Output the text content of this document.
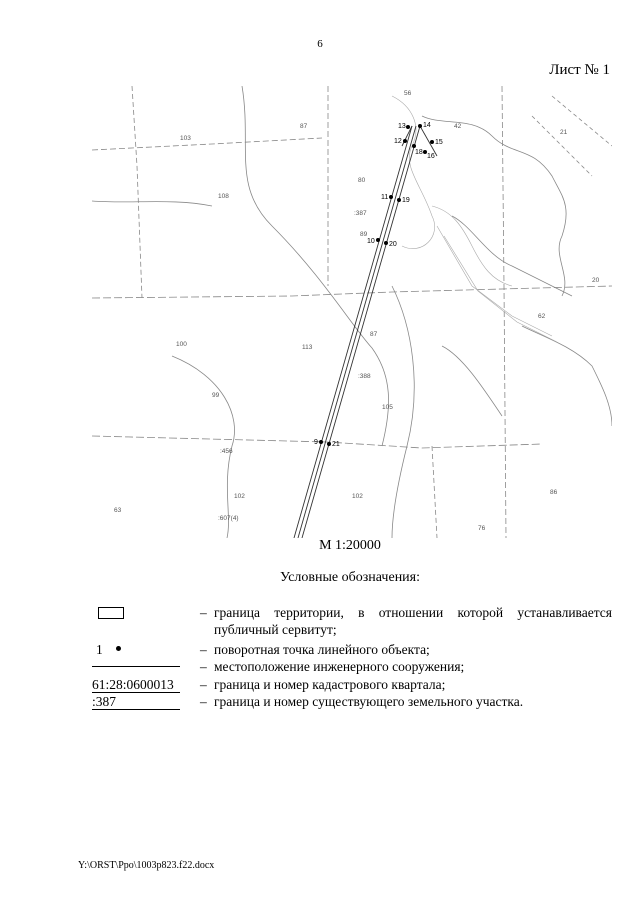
6
Лист № 1
13 14
12	15
18
16
11 19
10 20
9 21
103
87
56
42
21
108
80
:387
89
20
62
100
87
113
:388
105
99
:456
102	102
63
86
:607(4)
76
М 1:20000
Условные обозначения:
– граница территории, в отношении которой устанавливается публичный сервитут;
1	– поворотная точка линейного объекта;
– местоположение инженерного сооружения;
61:28:0600013 – граница и номер кадастрового квартала;
:387	– граница и номер существующего земельного участка.
Y:\ORST\Ppo\1003p823.f22.docx
